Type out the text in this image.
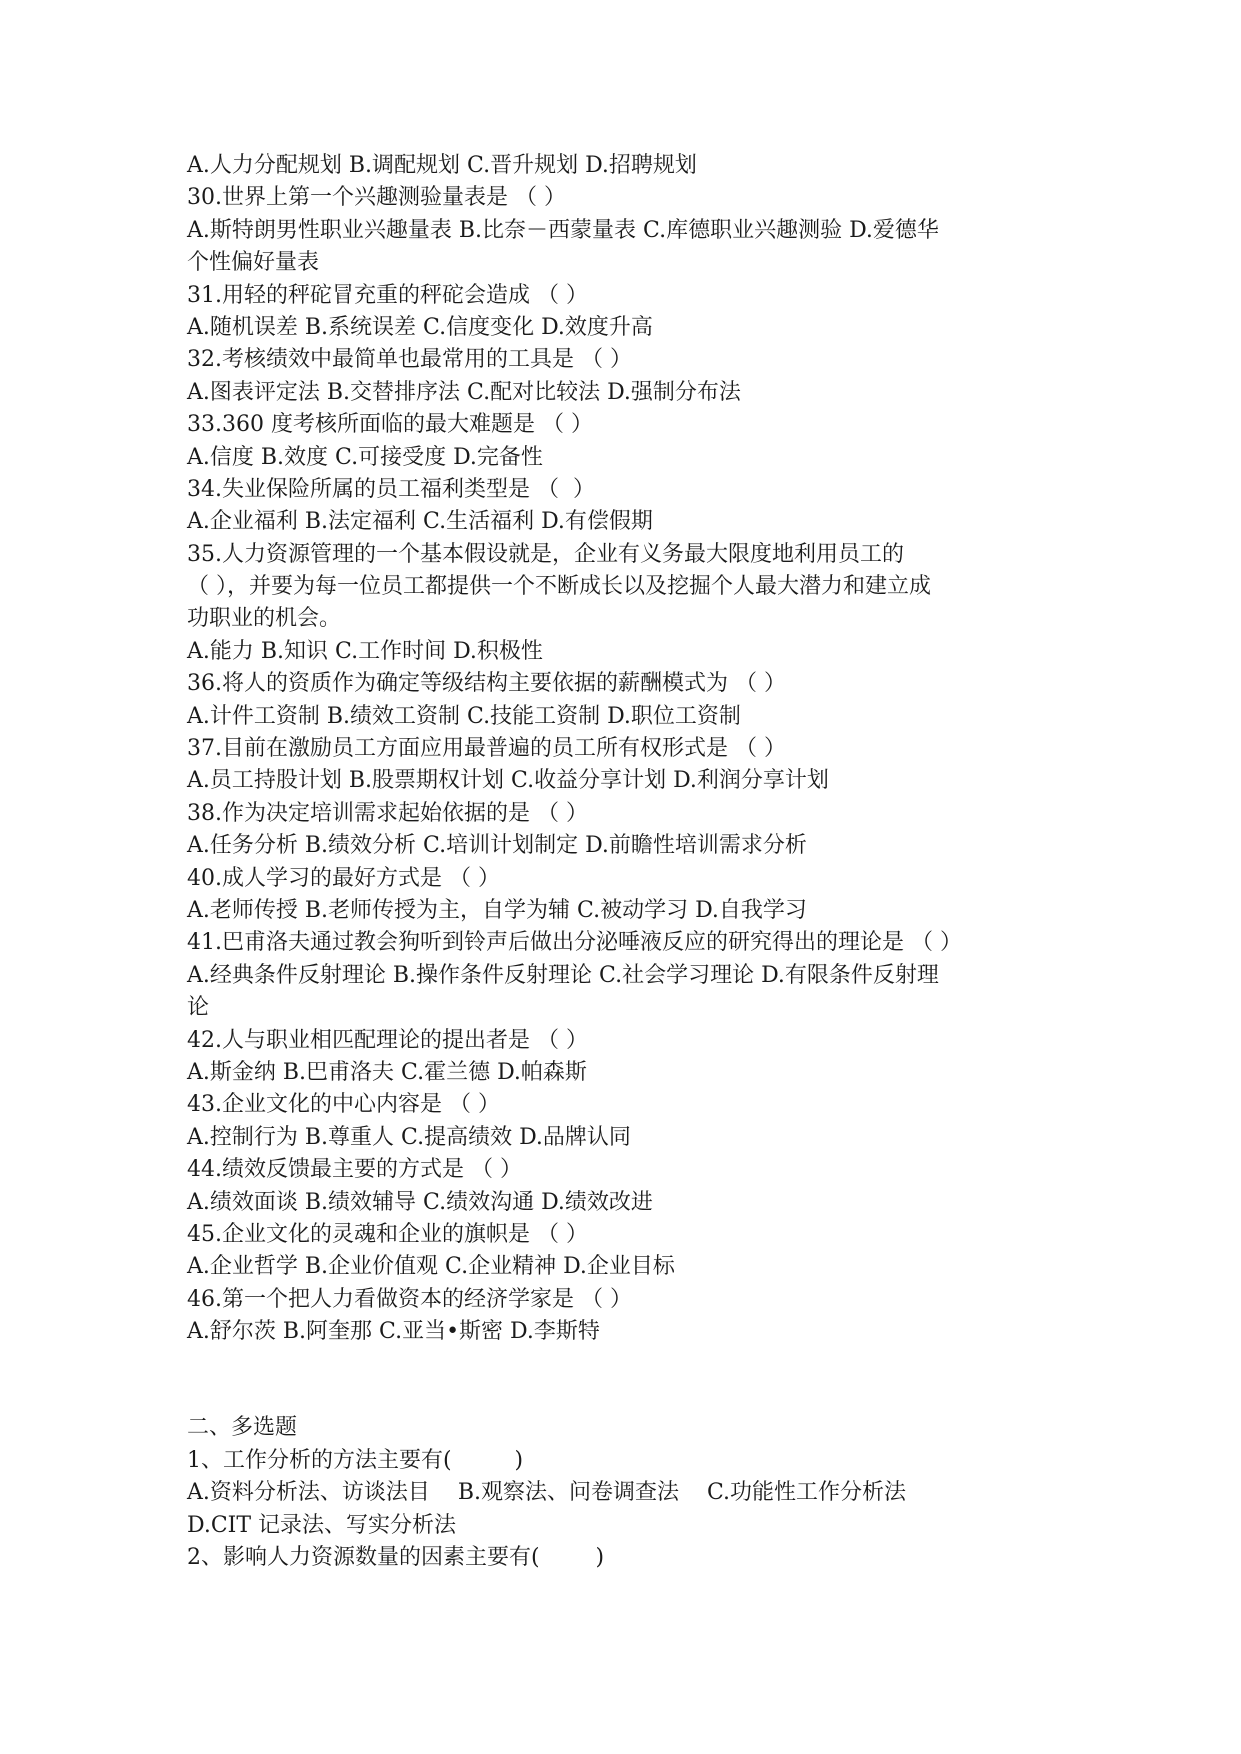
A.人力分配规划 B.调配规划 C.晋升规划 D.招聘规划
30.世界上第一个兴趣测验量表是 （ ）
A.斯特朗男性职业兴趣量表 B.比奈－西蒙量表 C.库德职业兴趣测验 D.爱德华
个性偏好量表
31.用轻的秤砣冒充重的秤砣会造成 （ ）
A.随机误差 B.系统误差 C.信度变化 D.效度升高
32.考核绩效中最简单也最常用的工具是 （ ）
A.图表评定法 B.交替排序法 C.配对比较法 D.强制分布法
33.360 度考核所面临的最大难题是 （ ）
A.信度 B.效度 C.可接受度 D.完备性
34.失业保险所属的员工福利类型是 （  ）
A.企业福利 B.法定福利 C.生活福利 D.有偿假期
35.人力资源管理的一个基本假设就是，企业有义务最大限度地利用员工的
（ ），并要为每一位员工都提供一个不断成长以及挖掘个人最大潜力和建立成
功职业的机会。
A.能力 B.知识 C.工作时间 D.积极性
36.将人的资质作为确定等级结构主要依据的薪酬模式为 （ ）
A.计件工资制 B.绩效工资制 C.技能工资制 D.职位工资制
37.目前在激励员工方面应用最普遍的员工所有权形式是 （ ）
A.员工持股计划 B.股票期权计划 C.收益分享计划 D.利润分享计划
38.作为决定培训需求起始依据的是 （ ）
A.任务分析 B.绩效分析 C.培训计划制定 D.前瞻性培训需求分析
40.成人学习的最好方式是 （ ）
A.老师传授 B.老师传授为主，自学为辅 C.被动学习 D.自我学习
41.巴甫洛夫通过教会狗听到铃声后做出分泌唾液反应的研究得出的理论是 （ ）
A.经典条件反射理论 B.操作条件反射理论 C.社会学习理论 D.有限条件反射理
论
42.人与职业相匹配理论的提出者是 （ ）
A.斯金纳 B.巴甫洛夫 C.霍兰德 D.帕森斯
43.企业文化的中心内容是 （ ）
A.控制行为 B.尊重人 C.提高绩效 D.品牌认同
44.绩效反馈最主要的方式是 （ ）
A.绩效面谈 B.绩效辅导 C.绩效沟通 D.绩效改进
45.企业文化的灵魂和企业的旗帜是 （ ）
A.企业哲学 B.企业价值观 C.企业精神 D.企业目标
46.第一个把人力看做资本的经济学家是 （ ）
A.舒尔茨 B.阿奎那 C.亚当•斯密 D.李斯特
二、多选题
1、工作分析的方法主要有(         )
A.资料分析法、访谈法目    B.观察法、问卷调查法    C.功能性工作分析法
D.CIT 记录法、写实分析法
2、影响人力资源数量的因素主要有(        )
